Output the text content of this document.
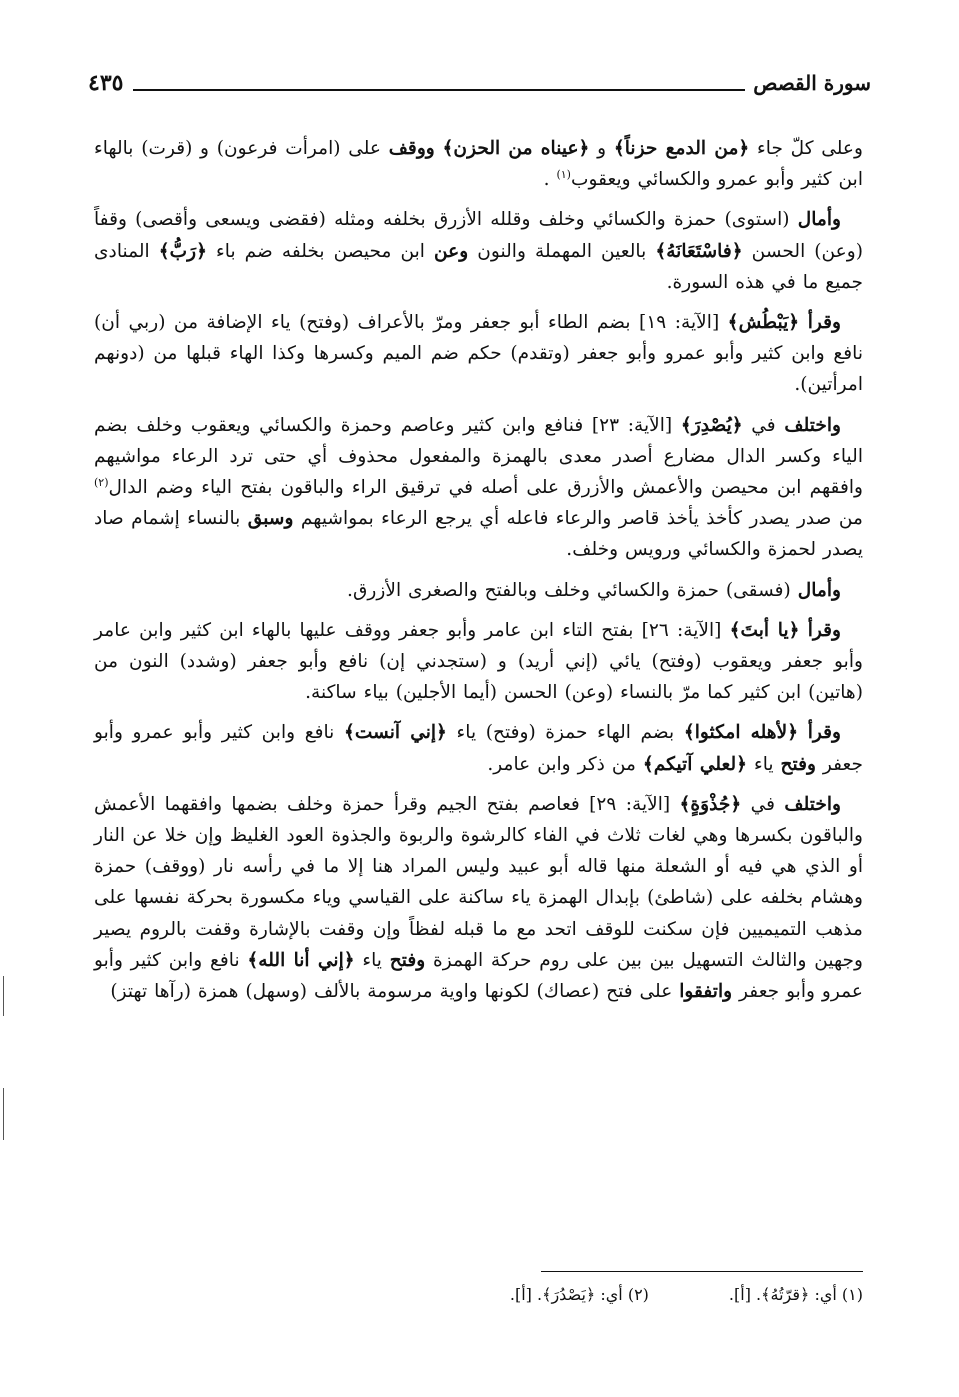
سورة القصص
٤٣٥

وعلى كلّ جاء ﴿من الدمع حزناً﴾ و ﴿عيناه من الحزن﴾ ووقف على (امرأت فرعون) و (قرت) بالهاء ابن كثير وأبو عمرو والكسائي ويعقوب$^{(١)}$ .

وأمال (استوى) حمزة والكسائي وخلف وقلله الأزرق بخلفه ومثله (فقضى ويسعى وأقصى) وقفاً (وعن) الحسن ﴿فاسْتَعَانَهُ﴾ بالعين المهملة والنون وعن ابن محيصن بخلفه ضم باء ﴿رَبُّ﴾ المنادى جميع ما في هذه السورة.

وقرأ ﴿يَبْطُش﴾ [الآية: ١٩] بضم الطاء أبو جعفر ومرّ بالأعراف (وفتح) ياء الإضافة من (ربي أن) نافع وابن كثير وأبو عمرو وأبو جعفر (وتقدم) حكم ضم الميم وكسرها وكذا الهاء قبلها من (دونهم امرأتين).

واختلف في ﴿يُصْدِرَ﴾ [الآية: ٢٣] فنافع وابن كثير وعاصم وحمزة والكسائي ويعقوب وخلف بضم الياء وكسر الدال مضارع أصدر معدى بالهمزة والمفعول محذوف أي حتى ترد الرعاء مواشيهم وافقهم ابن محيصن والأعمش والأزرق على أصله في ترقيق الراء والباقون بفتح الياء وضم الدال$^{(٢)}$ من صدر يصدر كأخذ يأخذ قاصر والرعاء فاعله أي يرجع الرعاء بمواشيهم وسبق بالنساء إشمام صاد يصدر لحمزة والكسائي ورويس وخلف.

وأمال (فسقى) حمزة والكسائي وخلف وبالفتح والصغرى الأزرق.

وقرأ ﴿يا أبتَ﴾ [الآية: ٢٦] بفتح التاء ابن عامر وأبو جعفر ووقف عليها بالهاء ابن كثير وابن عامر وأبو جعفر ويعقوب (وفتح) يائي (إني أريد) و (ستجدني إن) نافع وأبو جعفر (وشدد) النون من (هاتين) ابن كثير كما مرّ بالنساء (وعن) الحسن (أيما الأجلين) بياء ساكنة.

وقرأ ﴿لأهله امكثوا﴾ بضم الهاء حمزة (وفتح) ياء ﴿إني آنست﴾ نافع وابن كثير وأبو عمرو وأبو جعفر وفتح ياء ﴿لعلي آتيكم﴾ من ذكر وابن عامر.

واختلف في ﴿جُذْوَةٍ﴾ [الآية: ٢٩] فعاصم بفتح الجيم وقرأ حمزة وخلف بضمها وافقهما الأعمش والباقون بكسرها وهي لغات ثلاث في الفاء كالرشوة والربوة والجذوة العود الغليظ وإن خلا عن النار أو الذي هي فيه أو الشعلة منها قاله أبو عبيد وليس المراد هنا إلا ما في رأسه نار (ووقف) حمزة وهشام بخلفه على (شاطئ) بإبدال الهمزة ياء ساكنة على القياسي وياء مكسورة بحركة نفسها على مذهب التميميين فإن سكنت للوقف اتحد مع ما قبله لفظاً وإن وقفت بالإشارة وقفت بالروم يصير وجهين والثالث التسهيل بين بين على روم حركة الهمزة وفتح ياء ﴿إني أنا الله﴾ نافع وابن كثير وأبو عمرو وأبو جعفر واتفقوا على فتح (عصاك) لكونها واوية مرسومة بالألف (وسهل) همزة (رآها تهتز)

(١) أي: ﴿قرّتُهُ﴾. [أ].
(٢) أي: ﴿يَصْدُرَ﴾. [أ].
